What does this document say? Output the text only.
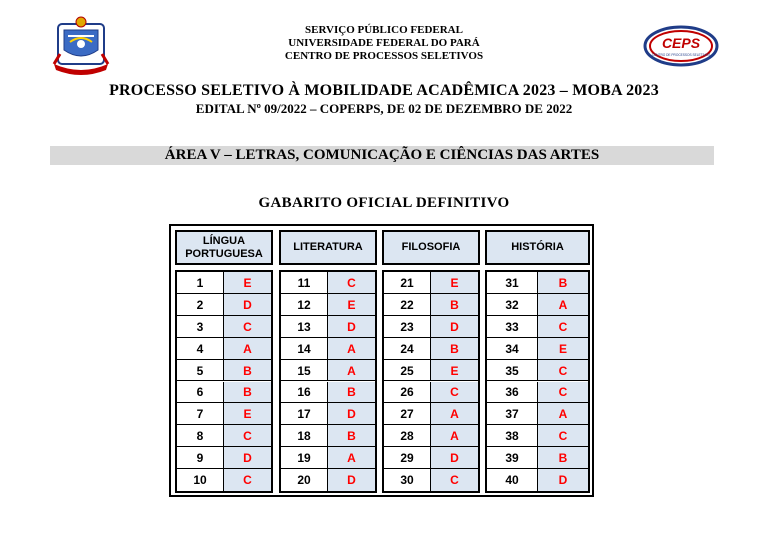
CEPS
CENTRO DE PROCESSOS SELETIVOS
SERVIÇO PÚBLICO FEDERAL
UNIVERSIDADE FEDERAL DO PARÁ
CENTRO DE PROCESSOS SELETIVOS
PROCESSO SELETIVO À MOBILIDADE ACADÊMICA 2023 – MOBA 2023
EDITAL Nº 09/2022 – COPERPS, DE 02 DE DEZEMBRO DE 2022
ÁREA V – LETRAS, COMUNICAÇÃO E CIÊNCIAS DAS ARTES
GABARITO OFICIAL DEFINITIVO
LÍNGUA
PORTUGUESA
LITERATURA	FILOSOFIA	HISTÓRIA
1	E
2	D
3	C
4	A
5	B
6	B
7	E
8	C
9	D
10	C
11	C
12	E
13	D
14	A
15	A
16	B
17	D
18	B
19	A
20	D
21	E
22	B
23	D
24	B
25	E
26	C
27	A
28	A
29	D
30	C
31	B
32	A
33	C
34	E
35	C
36	C
37	A
38	C
39	B
40	D
